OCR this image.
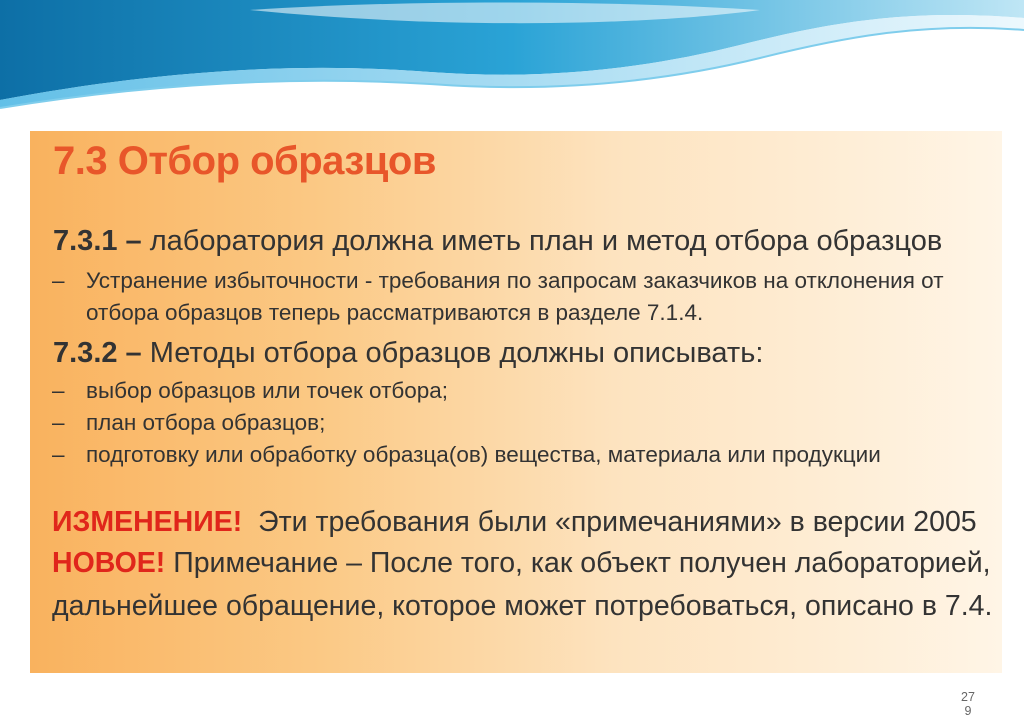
7.3 Отбор образцов
7.3.1 – лаборатория должна иметь план и метод отбора образцов
– Устранение избыточности - требования по запросам заказчиков на отклонения от
отбора образцов теперь рассматриваются в разделе 7.1.4.
7.3.2 – Методы отбора образцов должны описывать:
– выбор образцов или точек отбора;
– план отбора образцов;
– подготовку или обработку образца(ов) вещества, материала или продукции
ИЗМЕНЕНИЕ!  Эти требования были «примечаниями» в версии 2005
НОВОЕ! Примечание – После того, как объект получен лабораторией,
дальнейшее обращение, которое может потребоваться, описано в 7.4.
279
